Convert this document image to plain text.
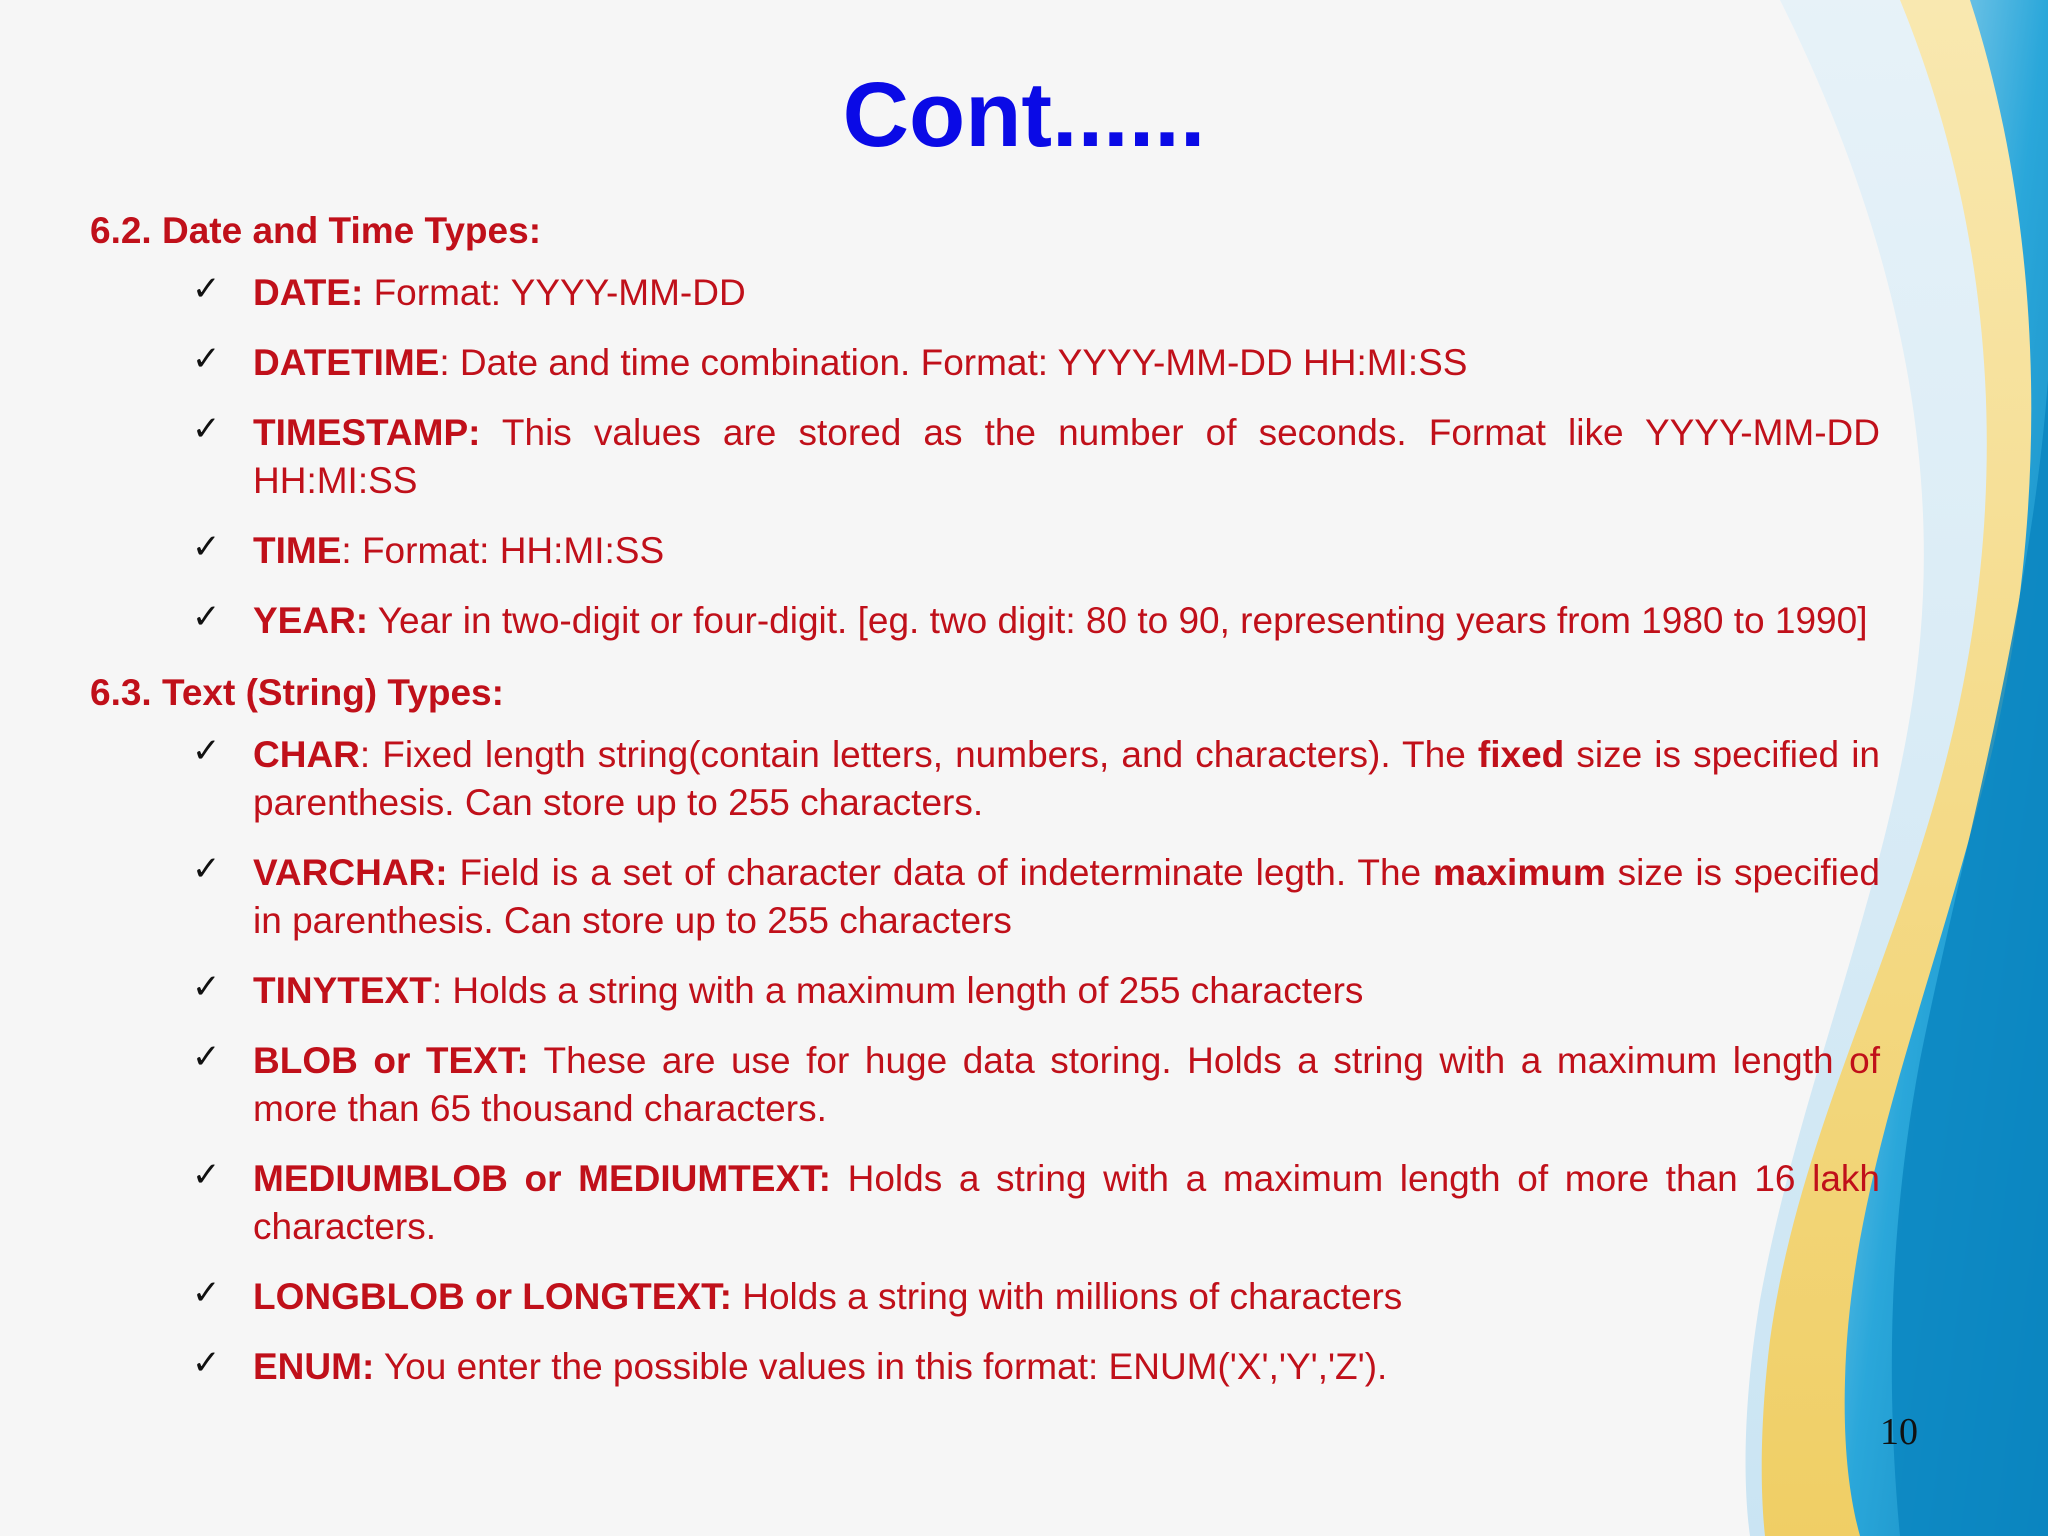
Cont......
6.2. Date and Time Types:
✓ DATE: Format: YYYY-MM-DD
✓ DATETIME: Date and time combination. Format: YYYY-MM-DD HH:MI:SS
✓ TIMESTAMP: This values are stored as the number of seconds. Format like YYYY-MM-DD HH:MI:SS
✓ TIME: Format: HH:MI:SS
✓ YEAR: Year in two-digit or four-digit. [eg. two digit: 80 to 90, representing years from 1980 to 1990]
6.3. Text (String) Types:
✓ CHAR: Fixed length string(contain letters, numbers, and characters). The fixed size is specified in parenthesis. Can store up to 255 characters.
✓ VARCHAR: Field is a set of character data of indeterminate legth. The maximum size is specified in parenthesis. Can store up to 255 characters
✓ TINYTEXT: Holds a string with a maximum length of 255 characters
✓ BLOB or TEXT: These are use for huge data storing. Holds a string with a maximum length of more than 65 thousand characters.
✓ MEDIUMBLOB or MEDIUMTEXT: Holds a string with a maximum length of more than 16 lakh characters.
✓ LONGBLOB or LONGTEXT: Holds a string with millions of characters
✓ ENUM: You enter the possible values in this format: ENUM('X','Y','Z').
10
